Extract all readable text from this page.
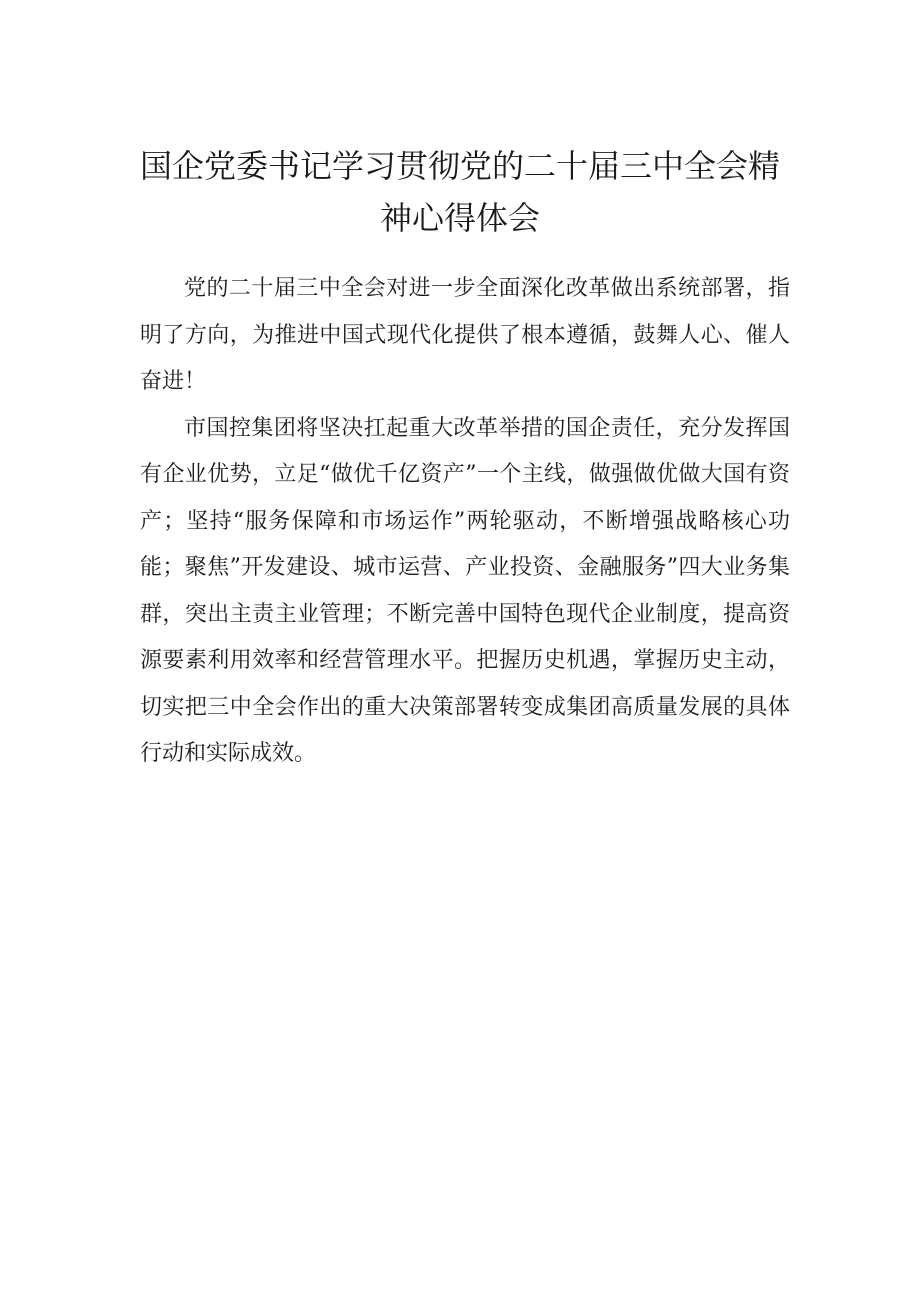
国企党委书记学习贯彻党的二十届三中全会精神心得体会

党的二十届三中全会对进一步全面深化改革做出系统部署，指明了方向，为推进中国式现代化提供了根本遵循，鼓舞人心、催人奋进！

市国控集团将坚决扛起重大改革举措的国企责任，充分发挥国有企业优势，立足“做优千亿资产”一个主线，做强做优做大国有资产；坚持“服务保障和市场运作”两轮驱动，不断增强战略核心功能；聚焦”开发建设、城市运营、产业投资、金融服务”四大业务集群，突出主责主业管理；不断完善中国特色现代企业制度，提高资源要素利用效率和经营管理水平。把握历史机遇，掌握历史主动，切实把三中全会作出的重大决策部署转变成集团高质量发展的具体行动和实际成效。
